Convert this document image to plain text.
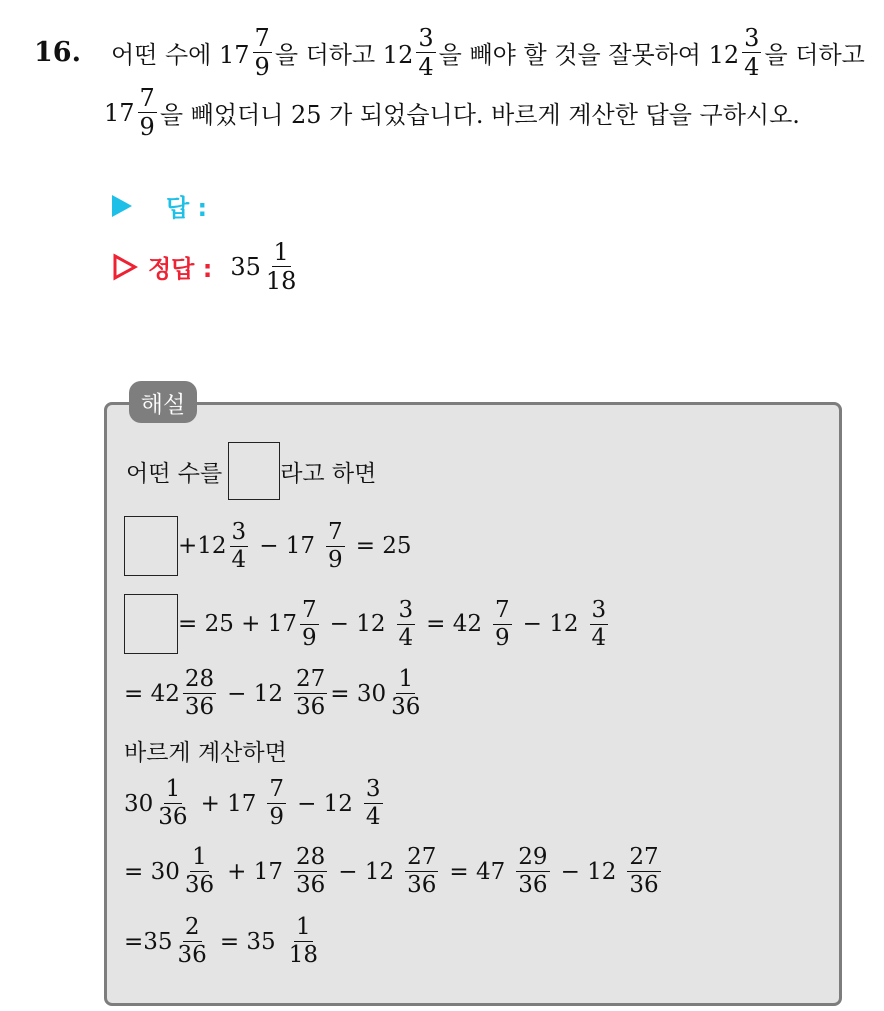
16. 어떤 수에 $17 \frac{7}{9}$ 을 더하고 $12 \frac{3}{4}$ 을 빼야 할 것을 잘못하여 $12 \frac{3}{4}$ 을 더하고
$17 \frac{7}{9}$ 을 빼었더니 25 가 되었습니다. 바르게 계산한 답을 구하시오.
답 :
정답 : $35 \frac{1}{18}$
해설
어떤 수를	라고 하면
$+12 \frac{3}{4} - 17 \frac{7}{9} = 25$
= $25 + 17 \frac{7}{9} - 12 \frac{3}{4} = 42 \frac{7}{9} - 12 \frac{3}{4}$
= $42 \frac{28}{36} - 12 \frac{27}{36} = 30 \frac{1}{36}$
바르게 계산하면
$30 \frac{1}{36} + 17 \frac{7}{9} - 12 \frac{3}{4}$
= $30 \frac{1}{36} + 17 \frac{28}{36} - 12 \frac{27}{36} = 47 \frac{29}{36} - 12 \frac{27}{36}$
$=35 \frac{2}{36} = 35 \frac{1}{18}$
